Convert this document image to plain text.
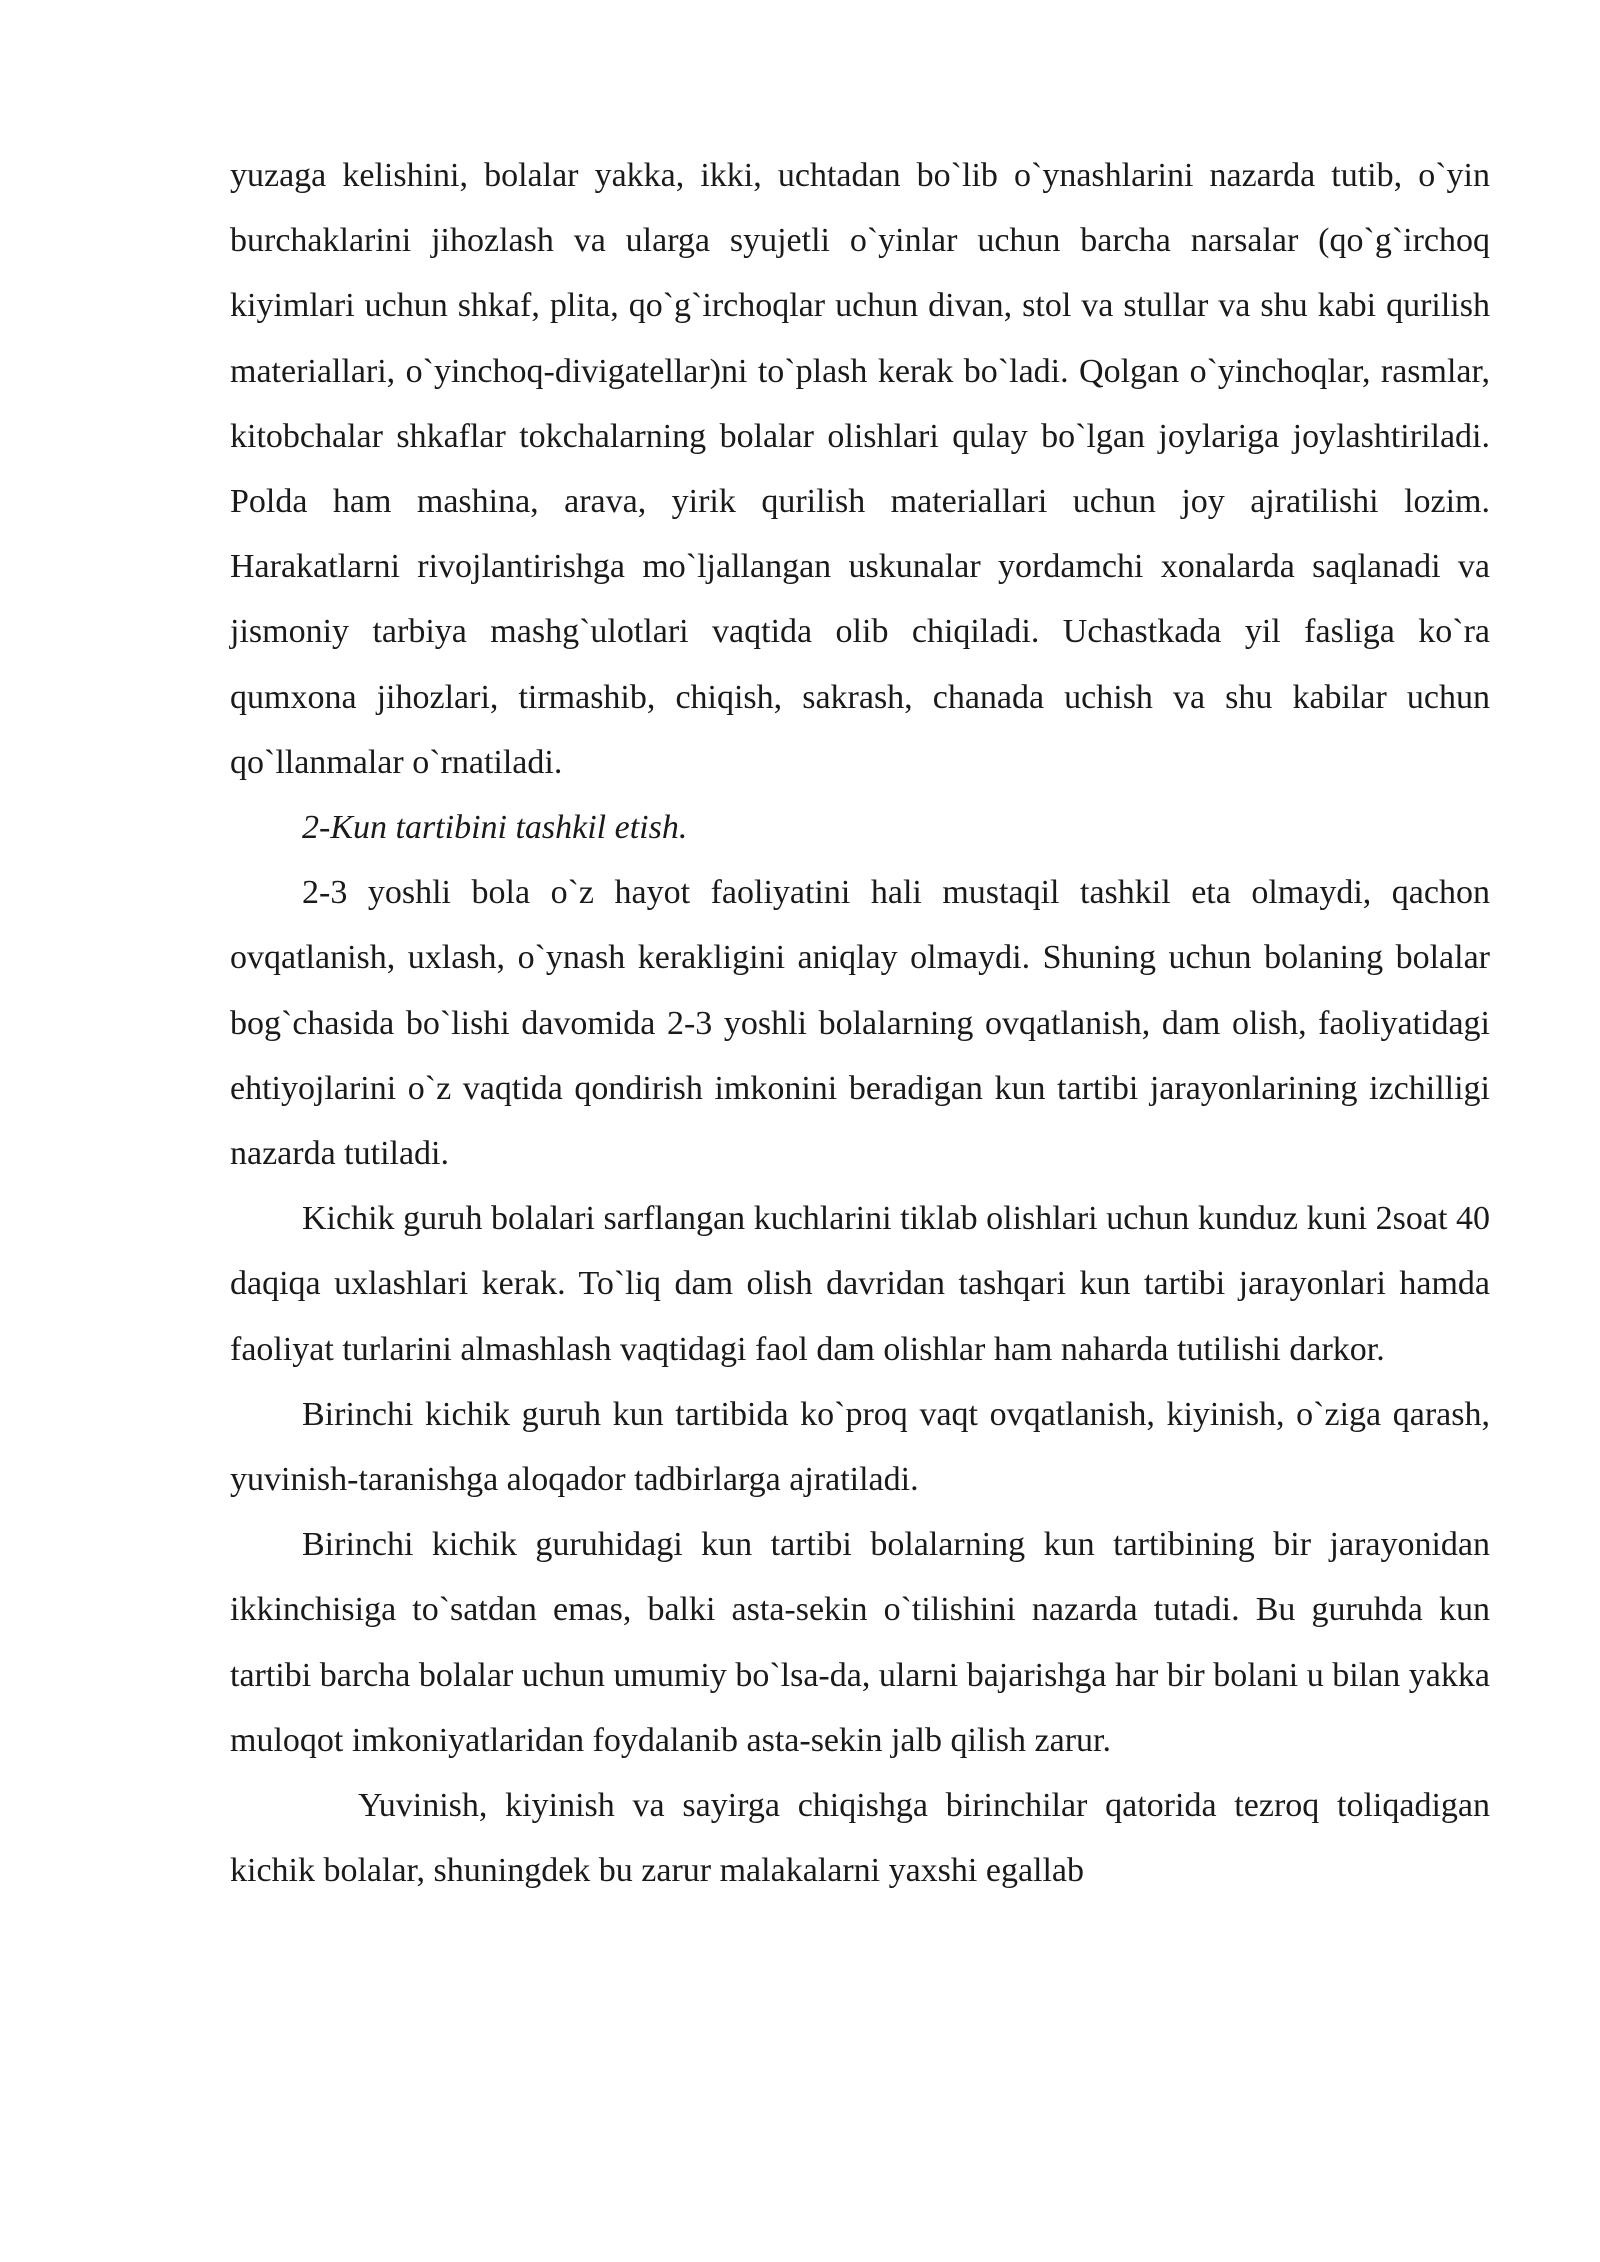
yuzaga kelishini, bolalar yakka, ikki, uchtadan bo`lib o`ynashlarini nazarda tutib, o`yin burchaklarini jihozlash va ularga syujetli o`yinlar uchun barcha narsalar (qo`g`irchoq kiyimlari uchun shkaf, plita, qo`g`irchoqlar uchun divan, stol va stullar va shu kabi qurilish materiallari, o`yinchoq-divigatellar)ni to`plash kerak bo`ladi. Qolgan o`yinchoqlar, rasmlar, kitobchalar shkaflar tokchalarning bolalar olishlari qulay bo`lgan joylariga joylashtiriladi. Polda ham mashina, arava, yirik qurilish materiallari uchun joy ajratilishi lozim. Harakatlarni rivojlantirishga mo`ljallangan uskunalar yordamchi xonalarda saqlanadi va jismoniy tarbiya mashg`ulotlari vaqtida olib chiqiladi. Uchastkada yil fasliga ko`ra qumxona jihozlari, tirmashib, chiqish, sakrash, chanada uchish va shu kabilar uchun qo`llanmalar o`rnatiladi.

2-Kun tartibini tashkil etish.

2-3 yoshli bola o`z hayot faoliyatini hali mustaqil tashkil eta olmaydi, qachon ovqatlanish, uxlash, o`ynash kerakligini aniqlay olmaydi. Shuning uchun bolaning bolalar bog`chasida bo`lishi davomida 2-3 yoshli bolalarning ovqatlanish, dam olish, faoliyatidagi ehtiyojlarini o`z vaqtida qondirish imkonini beradigan kun tartibi jarayonlarining izchilligi nazarda tutiladi.

Kichik guruh bolalari sarflangan kuchlarini tiklab olishlari uchun kunduz kuni 2soat 40 daqiqa uxlashlari kerak. To`liq dam olish davridan tashqari kun tartibi jarayonlari hamda faoliyat turlarini almashlash vaqtidagi faol dam olishlar ham naharda tutilishi darkor.

Birinchi kichik guruh kun tartibida ko`proq vaqt ovqatlanish, kiyinish, o`ziga qarash, yuvinish-taranishga aloqador tadbirlarga ajratiladi.

Birinchi kichik guruhidagi kun tartibi bolalarning kun tartibining bir jarayonidan ikkinchisiga to`satdan emas, balki asta-sekin o`tilishini nazarda tutadi. Bu guruhda kun tartibi barcha bolalar uchun umumiy bo`lsa-da, ularni bajarishga har bir bolani u bilan yakka muloqot imkoniyatlaridan foydalanib asta-sekin jalb qilish zarur.

Yuvinish, kiyinish va sayirga chiqishga birinchilar qatorida tezroq toliqadigan kichik bolalar, shuningdek bu zarur malakalarni yaxshi egallab
